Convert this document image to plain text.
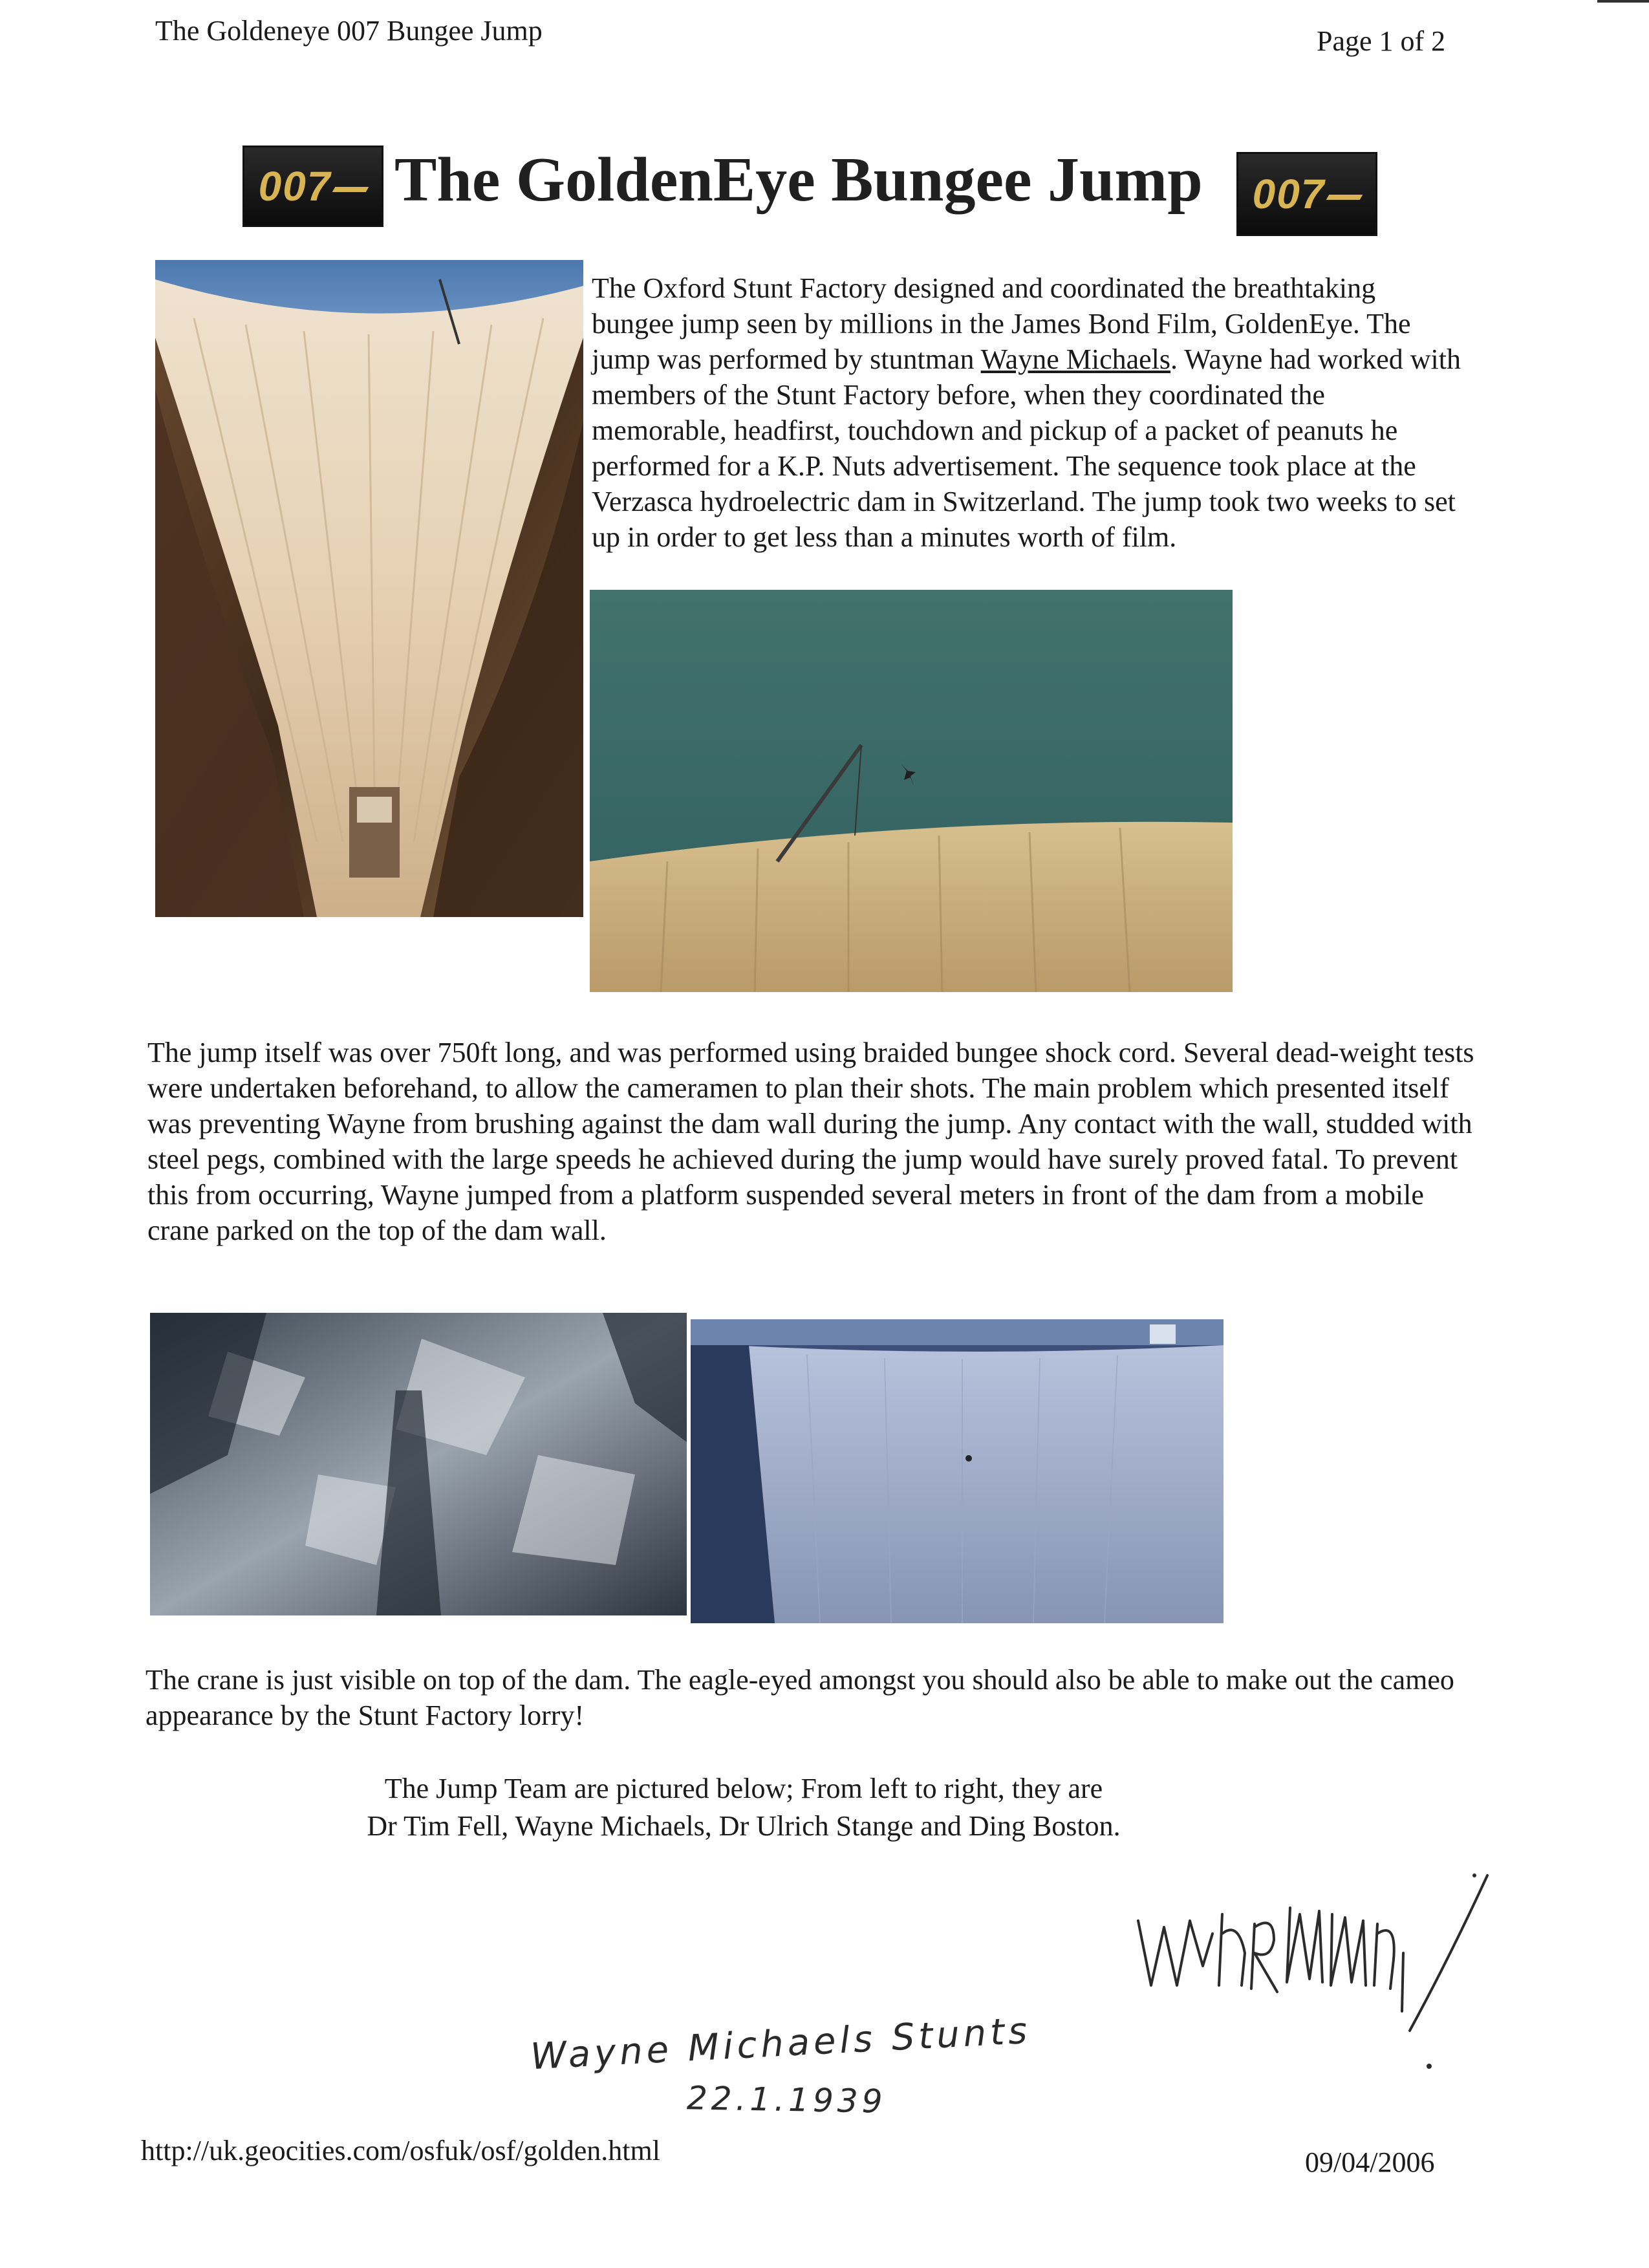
The Goldeneye 007 Bungee Jump	Page 1 of 2
007 The GoldenEye Bungee Jump 007
The Oxford Stunt Factory designed and coordinated the breathtaking bungee jump seen by millions in the James Bond Film, GoldenEye. The jump was performed by stuntman Wayne Michaels. Wayne had worked with members of the Stunt Factory before, when they coordinated the memorable, headfirst, touchdown and pickup of a packet of peanuts he performed for a K.P. Nuts advertisement. The sequence took place at the Verzasca hydroelectric dam in Switzerland. The jump took two weeks to set up in order to get less than a minutes worth of film.
The jump itself was over 750ft long, and was performed using braided bungee shock cord. Several dead-weight tests were undertaken beforehand, to allow the cameramen to plan their shots. The main problem which presented itself was preventing Wayne from brushing against the dam wall during the jump. Any contact with the wall, studded with steel pegs, combined with the large speeds he achieved during the jump would have surely proved fatal. To prevent this from occurring, Wayne jumped from a platform suspended several meters in front of the dam from a mobile crane parked on the top of the dam wall.
The crane is just visible on top of the dam. The eagle-eyed amongst you should also be able to make out the cameo appearance by the Stunt Factory lorry!
The Jump Team are pictured below; From left to right, they are
Dr Tim Fell, Wayne Michaels, Dr Ulrich Stange and Ding Boston.
Wayne Michaels Stunts
22.1.1939
http://uk.geocities.com/osfuk/osf/golden.html	09/04/2006
